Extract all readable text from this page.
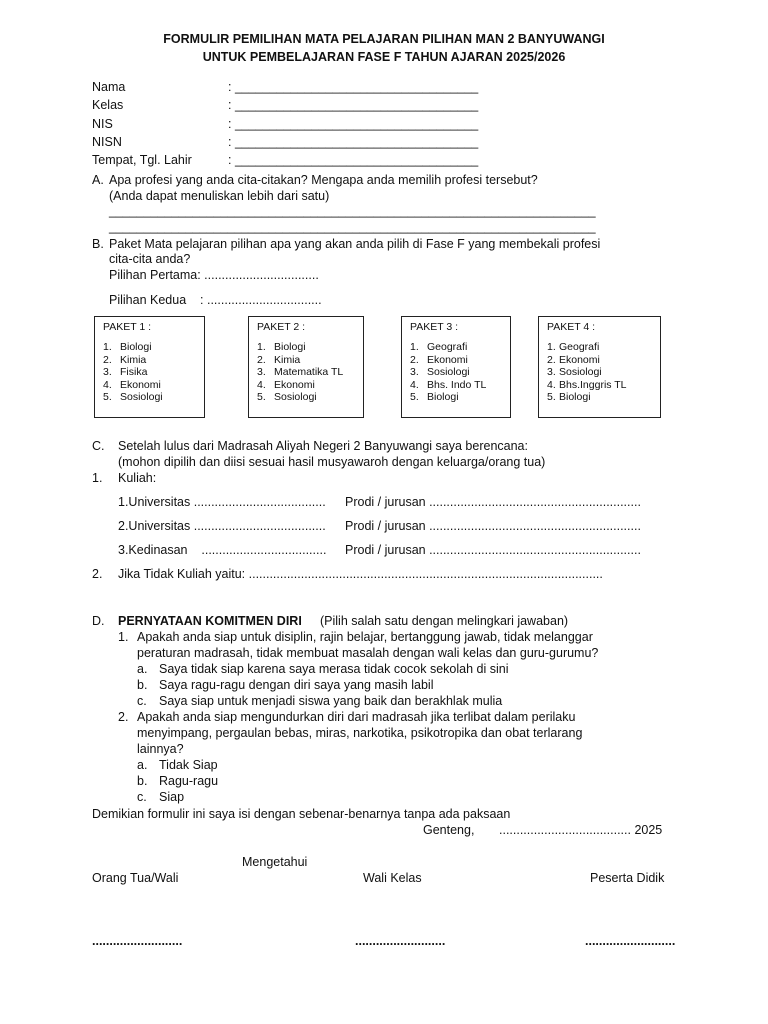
FORMULIR PEMILIHAN MATA PELAJARAN PILIHAN MAN 2 BANYUWANGI
UNTUK PEMBELAJARAN FASE F TAHUN AJARAN 2025/2026
Nama	: ___________________________________
Kelas	: ___________________________________
NIS	: ___________________________________
NISN	: ___________________________________
Tempat, Tgl. Lahir	: ___________________________________
A. Apa profesi yang anda cita-citakan? Mengapa anda memilih profesi tersebut?
(Anda dapat menuliskan lebih dari satu)
______________________________________________________________________
______________________________________________________________________
B. Paket Mata pelajaran pilihan apa yang akan anda pilih di Fase F yang membekali profesi
cita-cita anda?
Pilihan Pertama: .................................
Pilihan Kedua    : .................................
PAKET 1 :
1. Biologi
2. Kimia
3. Fisika
4. Ekonomi
5. Sosiologi
PAKET 2 :
1. Biologi
2. Kimia
3. Matematika TL
4. Ekonomi
5. Sosiologi
PAKET 3 :
1. Geografi
2. Ekonomi
3. Sosiologi
4. Bhs. Indo TL
5. Biologi
PAKET 4 :
1. Geografi
2. Ekonomi
3. Sosiologi
4. Bhs.Inggris TL
5. Biologi
C. Setelah lulus dari Madrasah Aliyah Negeri 2 Banyuwangi saya berencana:
(mohon dipilih dan diisi sesuai hasil musyawaroh dengan keluarga/orang tua)
1. Kuliah:
1.Universitas ...................................... Prodi / jurusan .............................................................
2.Universitas ...................................... Prodi / jurusan .............................................................
3.Kedinasan    .................................... Prodi / jurusan .............................................................
2. Jika Tidak Kuliah yaitu: ......................................................................................................
D. PERNYATAAN KOMITMEN DIRI (Pilih salah satu dengan melingkari jawaban)
1. Apakah anda siap untuk disiplin, rajin belajar, bertanggung jawab, tidak melanggar
peraturan madrasah, tidak membuat masalah dengan wali kelas dan guru-gurumu?
a. Saya tidak siap karena saya merasa tidak cocok sekolah di sini
b. Saya ragu-ragu dengan diri saya yang masih labil
c. Saya siap untuk menjadi siswa yang baik dan berakhlak mulia
2. Apakah anda siap mengundurkan diri dari madrasah jika terlibat dalam perilaku
menyimpang, pergaulan bebas, miras, narkotika, psikotropika dan obat terlarang
lainnya?
a. Tidak Siap
b. Ragu-ragu
c. Siap
Demikian formulir ini saya isi dengan sebenar-benarnya tanpa ada paksaan
Genteng, ...................................... 2025
Mengetahui
Orang Tua/Wali	Wali Kelas	Peserta Didik
..........................	..........................	..........................
